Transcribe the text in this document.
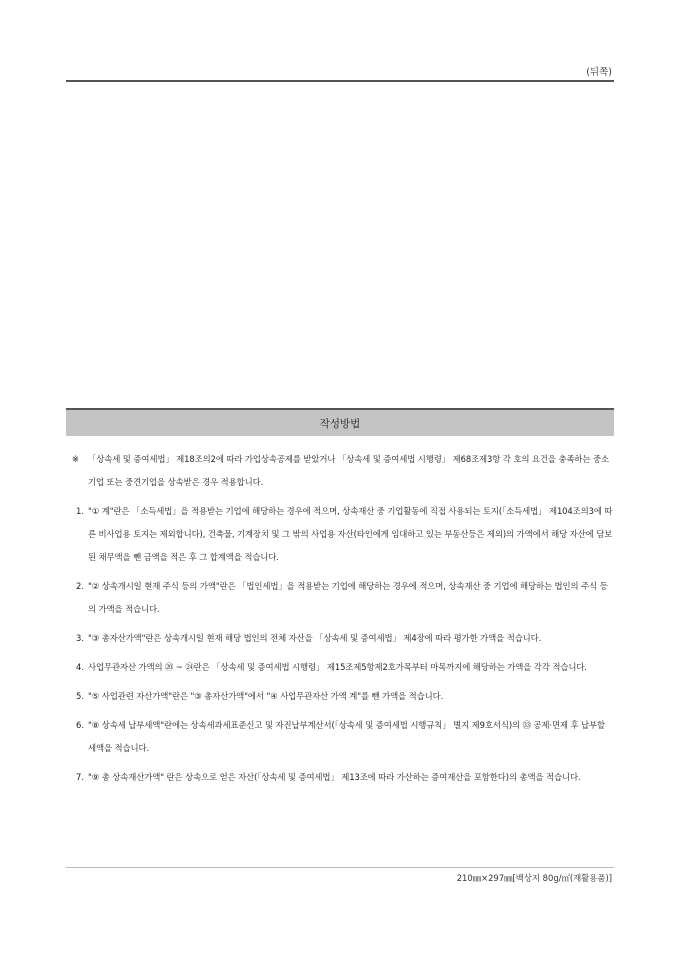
(뒤쪽)
작성방법
※	「상속세 및 증여세법」 제18조의2에 따라 가업상속공제를 받았거나 「상속세 및 증여세법 시행령」 제68조제3항 각 호의 요건을 충족하는 중소기업 또는 중견기업을 상속받은 경우 적용합니다.
1. "① 계"란은 「소득세법」을 적용받는 기업에 해당하는 경우에 적으며, 상속재산 중 기업활동에 직접 사용되는 토지(「소득세법」 제104조의3에 따른 비사업용 토지는 제외합니다), 건축물, 기계장치 및 그 밖의 사업용 자산(타인에게 임대하고 있는 부동산등은 제외)의 가액에서 해당 자산에 담보된 채무액을 뺀 금액을 적은 후 그 합계액을 적습니다.
2. "② 상속개시일 현재 주식 등의 가액"란은 「법인세법」을 적용받는 기업에 해당하는 경우에 적으며, 상속재산 중 기업에 해당하는 법인의 주식 등의 가액을 적습니다.
3. "③ 총자산가액"란은 상속개시일 현재 해당 법인의 전체 자산을 「상속세 및 증여세법」 제4장에 따라 평가한 가액을 적습니다.
4. 사업무관자산 가액의 ⑳ ~ ㉔란은 「상속세 및 증여세법 시행령」 제15조제5항제2호가목부터 마목까지에 해당하는 가액을 각각 적습니다.
5. "⑤ 사업관련 자산가액"란은 "③ 총자산가액"에서 "④ 사업무관자산 가액 계"를 뺀 가액을 적습니다.
6. "⑧ 상속세 납부세액"란에는 상속세과세표준신고 및 자진납부계산서(「상속세 및 증여세법 시행규칙」 별지 제9호서식)의 ㉝ 공제·면제 후 납부할 세액을 적습니다.
7. "⑨ 총 상속재산가액" 란은 상속으로 얻은 자산(「상속세 및 증여세법」 제13조에 따라 가산하는 증여재산을 포함한다)의 총액을 적습니다.
210㎜×297㎜[백상지 80g/㎡(재활용품)]
